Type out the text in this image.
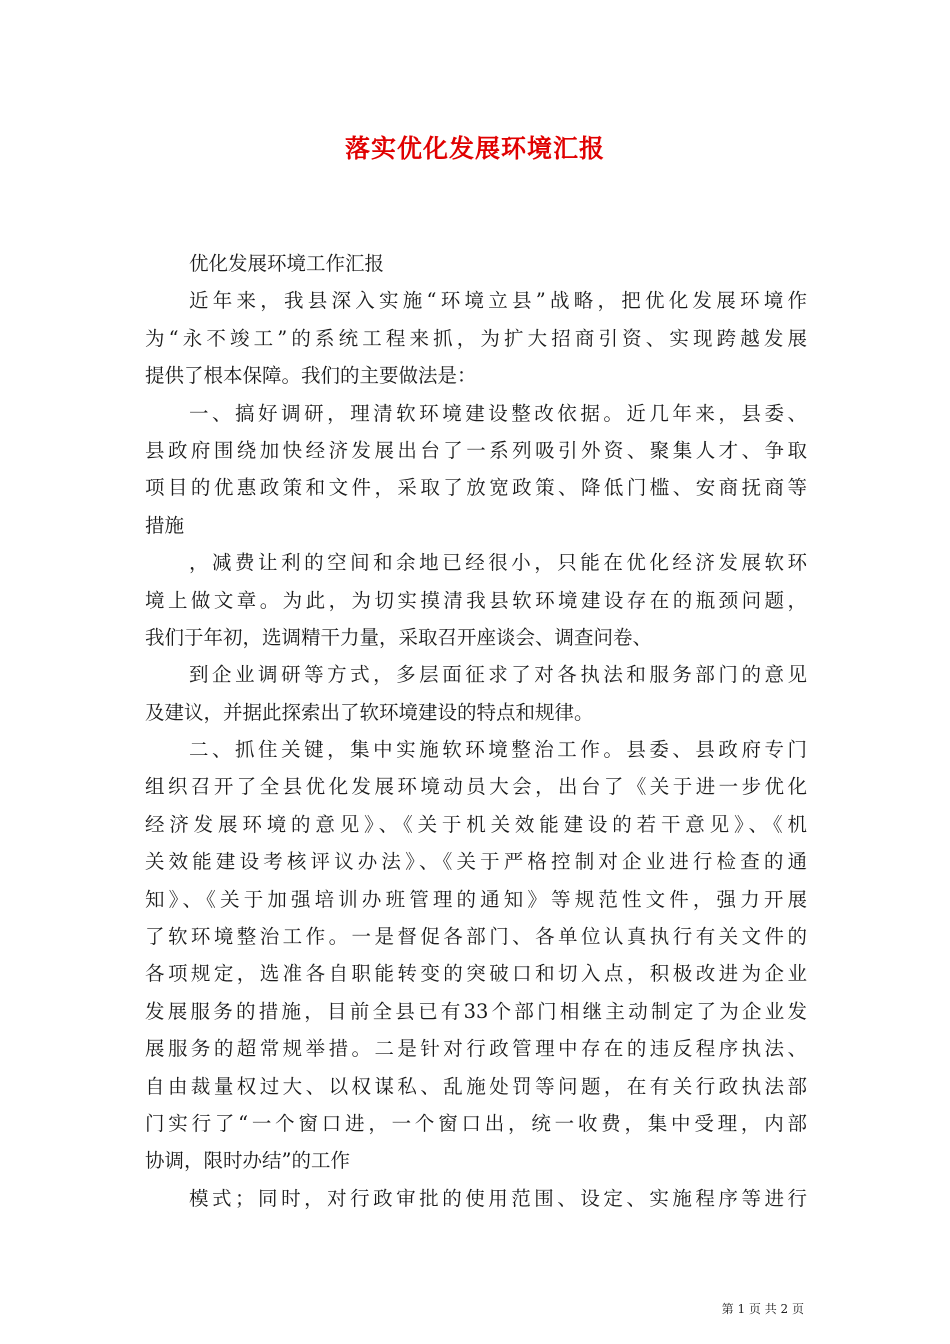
落实优化发展环境汇报
优化发展环境工作汇报
近年来，我县深入实施“环境立县”战略，把优化发展环境作
为“永不竣工”的系统工程来抓，为扩大招商引资、实现跨越发展
提供了根本保障。我们的主要做法是：
一、搞好调研，理清软环境建设整改依据。近几年来，县委、
县政府围绕加快经济发展出台了一系列吸引外资、聚集人才、争取
项目的优惠政策和文件，采取了放宽政策、降低门槛、安商抚商等
措施
，减费让利的空间和余地已经很小，只能在优化经济发展软环
境上做文章。为此，为切实摸清我县软环境建设存在的瓶颈问题，
我们于年初，选调精干力量，采取召开座谈会、调查问卷、
到企业调研等方式，多层面征求了对各执法和服务部门的意见
及建议，并据此探索出了软环境建设的特点和规律。
二、抓住关键，集中实施软环境整治工作。县委、县政府专门
组织召开了全县优化发展环境动员大会，出台了《关于进一步优化
经济发展环境的意见》、《关于机关效能建设的若干意见》、《机
关效能建设考核评议办法》、《关于严格控制对企业进行检查的通
知》、《关于加强培训办班管理的通知》等规范性文件，强力开展
了软环境整治工作。一是督促各部门、各单位认真执行有关文件的
各项规定，选准各自职能转变的突破口和切入点，积极改进为企业
发展服务的措施，目前全县已有33个部门相继主动制定了为企业发
展服务的超常规举措。二是针对行政管理中存在的违反程序执法、
自由裁量权过大、以权谋私、乱施处罚等问题，在有关行政执法部
门实行了“一个窗口进，一个窗口出，统一收费，集中受理，内部
协调，限时办结”的工作
模式；同时，对行政审批的使用范围、设定、实施程序等进行
第 1 页 共 2 页
